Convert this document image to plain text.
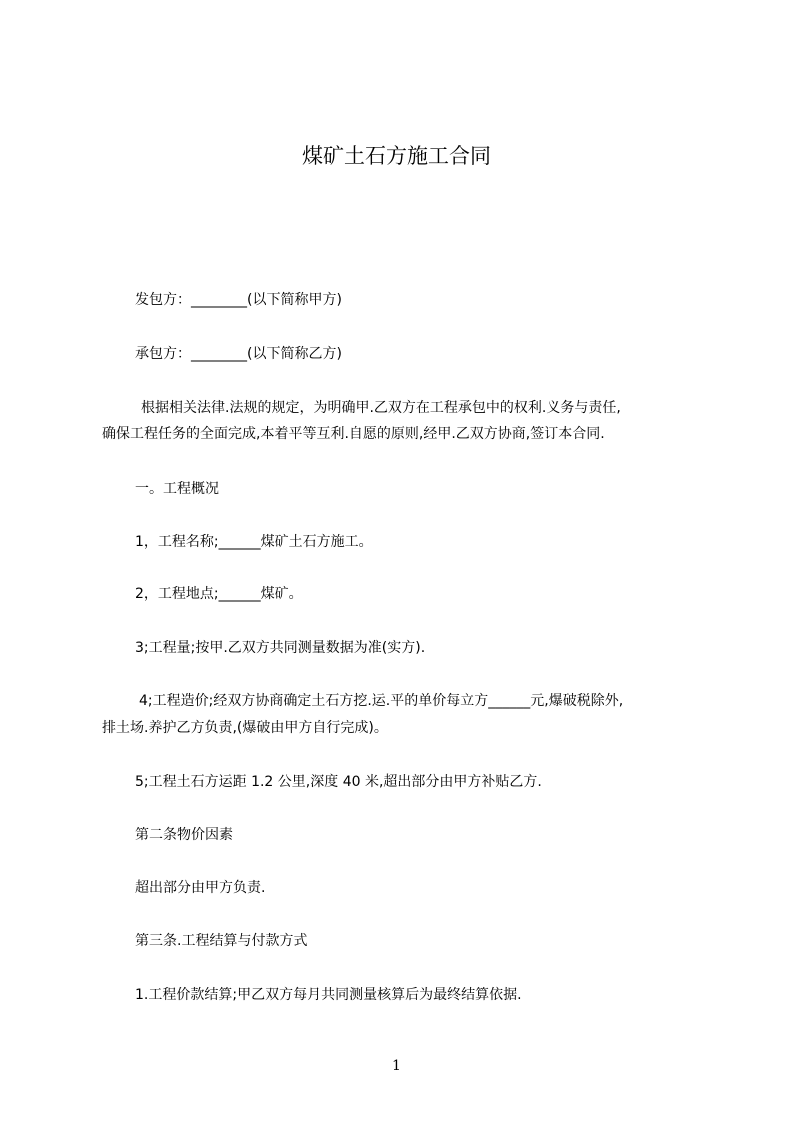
煤矿土石方施工合同
发包方：________(以下简称甲方)
承包方：________(以下简称乙方)
根据相关法律.法规的规定，为明确甲.乙双方在工程承包中的权利.义务与责任,
确保工程任务的全面完成,本着平等互利.自愿的原则,经甲.乙双方协商,签订本合同.
一。工程概况
1，工程名称;______煤矿土石方施工。
2，工程地点;______煤矿。
3;工程量;按甲.乙双方共同测量数据为准(实方).
4;工程造价;经双方协商确定土石方挖.运.平的单价每立方______元,爆破税除外,
排土场.养护乙方负责,(爆破由甲方自行完成)。
5;工程土石方运距 1.2 公里,深度 40 米,超出部分由甲方补贴乙方.
第二条物价因素
超出部分由甲方负责.
第三条.工程结算与付款方式
1.工程价款结算;甲乙双方每月共同测量核算后为最终结算依据.
1
